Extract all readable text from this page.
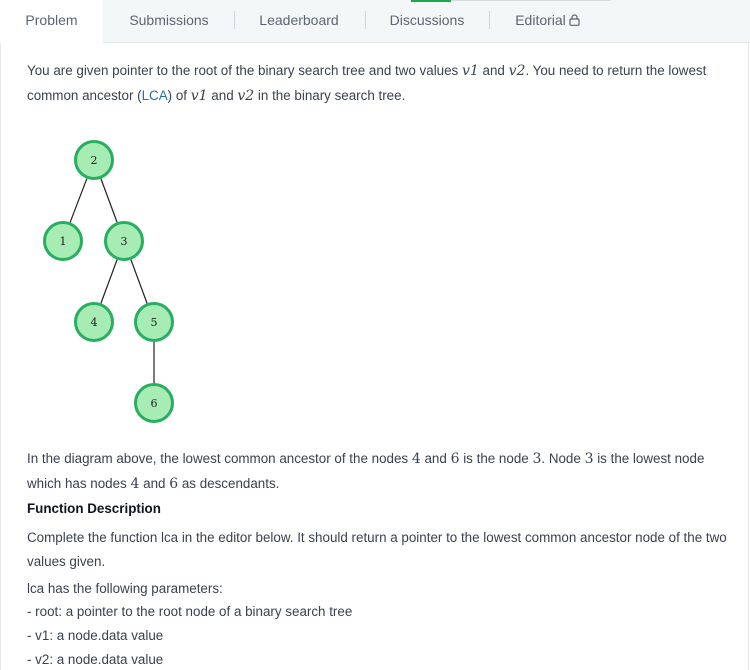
Problem	Submissions	Leaderboard	Discussions	Editorial

You are given pointer to the root of the binary search tree and two values v1 and v2. You need to return the lowest common ancestor (LCA) of v1 and v2 in the binary search tree.

2
1	3
4	5
6

In the diagram above, the lowest common ancestor of the nodes 4 and 6 is the node 3. Node 3 is the lowest node which has nodes 4 and 6 as descendants.

Function Description

Complete the function lca in the editor below. It should return a pointer to the lowest common ancestor node of the two values given.

lca has the following parameters:

- root: a pointer to the root node of a binary search tree

- v1: a node.data value

- v2: a node.data value
